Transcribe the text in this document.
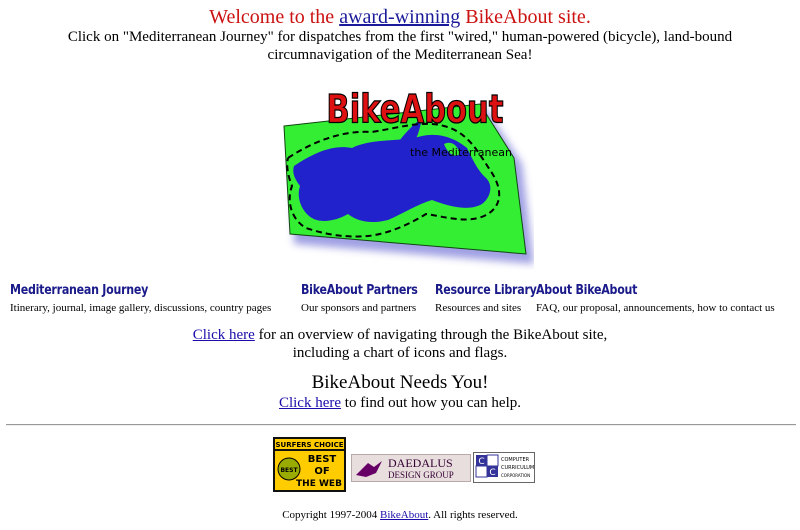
Welcome to the award-winning BikeAbout site.
Click on "Mediterranean Journey" for dispatches from the first "wired," human-powered (bicycle), land-bound circumnavigation of the Mediterranean Sea!
BikeAbout
the Mediterranean
Mediterranean Journey
Itinerary, journal, image gallery, discussions, country pages
BikeAbout Partners
Our sponsors and partners
Resource Library
Resources and sites
About BikeAbout
FAQ, our proposal, announcements, how to contact us
Click here for an overview of navigating through the BikeAbout site,
including a chart of icons and flags.
BikeAbout Needs You!
Click here to find out how you can help.
SURFERS CHOICE
BEST
BEST
OF
THE WEB
DAEDALUS
DESIGN GROUP
C
C
COMPUTER
CURRICULUM
CORPORATION
Copyright 1997-2004 BikeAbout. All rights reserved.
